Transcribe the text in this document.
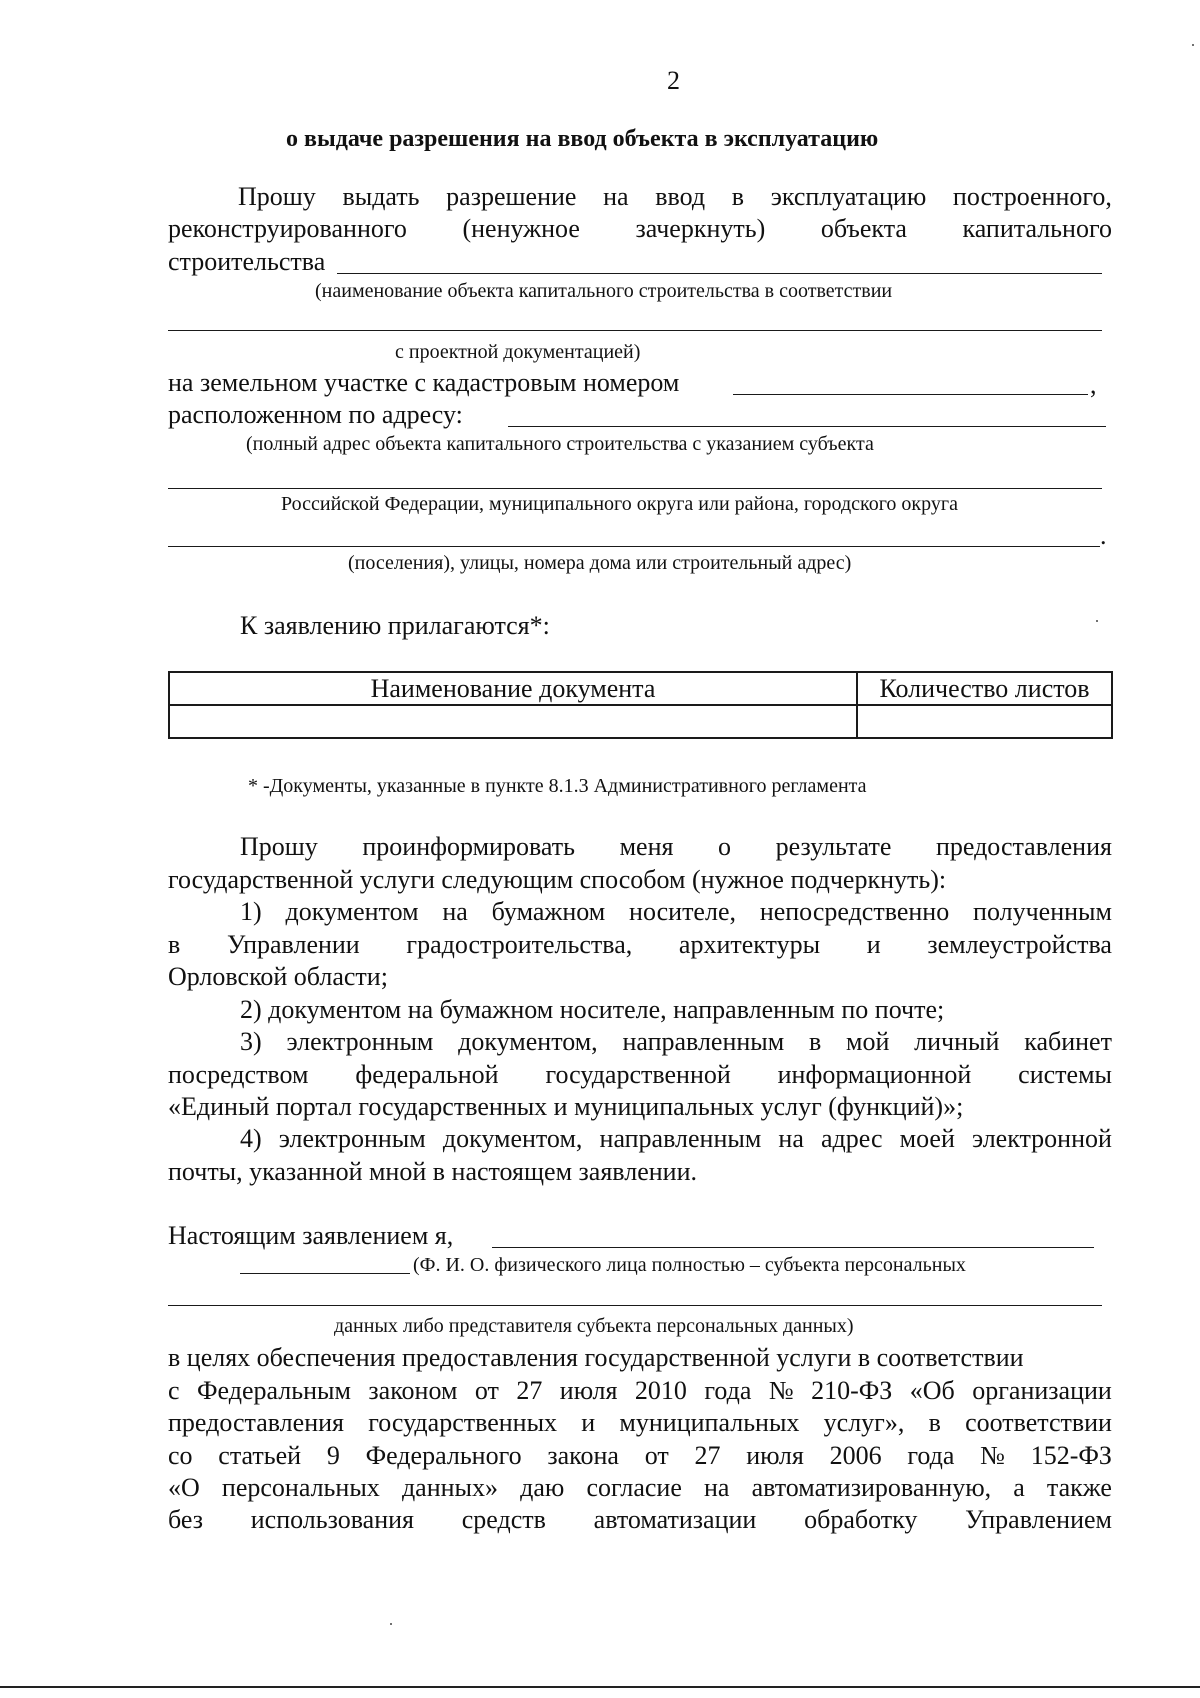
2
о выдаче разрешения на ввод объекта в эксплуатацию
Прошу выдать разрешение на ввод в эксплуатацию построенного,
реконструированного (ненужное зачеркнуть) объекта капитального
строительства
(наименование объекта капитального строительства в соответствии
с проектной документацией)
на земельном участке с кадастровым номером	,
расположенном по адресу:
(полный адрес объекта капитального строительства с указанием субъекта
Российской Федерации, муниципального округа или района, городского округа
.
(поселения), улицы, номера дома или строительный адрес)
К заявлению прилагаются*:
Наименование документа	Количество листов

* -Документы, указанные в пункте 8.1.3 Административного регламента
Прошу проинформировать меня о результате предоставления
государственной услуги следующим способом (нужное подчеркнуть):
1) документом на бумажном носителе, непосредственно полученным
в Управлении градостроительства, архитектуры и землеустройства
Орловской области;
2) документом на бумажном носителе, направленным по почте;
3) электронным документом, направленным в мой личный кабинет
посредством федеральной государственной информационной системы
«Единый портал государственных и муниципальных услуг (функций)»;
4) электронным документом, направленным на адрес моей электронной
почты, указанной мной в настоящем заявлении.
Настоящим заявлением я,
(Ф. И. О. физического лица полностью – субъекта персональных
данных либо представителя субъекта персональных данных)
в целях обеспечения предоставления государственной услуги в соответствии
с Федеральным законом от 27 июля 2010 года № 210-ФЗ «Об организации
предоставления государственных и муниципальных услуг», в соответствии
со статьей 9 Федерального закона от 27 июля 2006 года № 152-ФЗ
«О персональных данных» даю согласие на автоматизированную, а также
без использования средств автоматизации обработку Управлением
